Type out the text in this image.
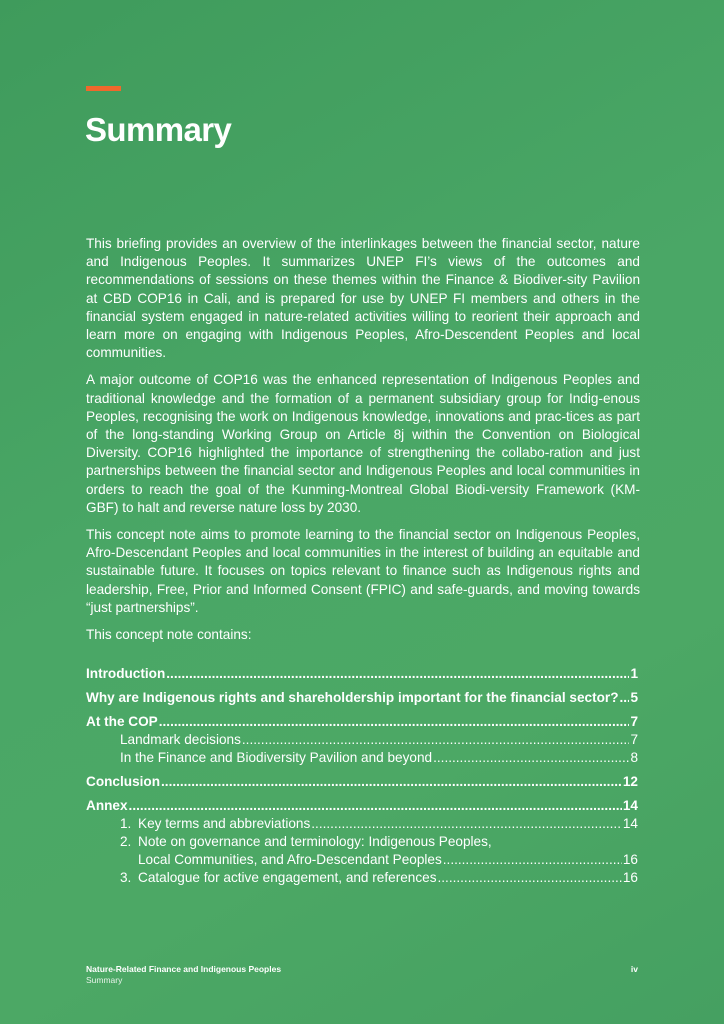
Summary

This briefing provides an overview of the interlinkages between the financial sector, nature and Indigenous Peoples. It summarizes UNEP FI’s views of the outcomes and recommendations of sessions on these themes within the Finance & Biodiver-sity Pavilion at CBD COP16 in Cali, and is prepared for use by UNEP FI members and others in the financial system engaged in nature-related activities willing to reorient their approach and learn more on engaging with Indigenous Peoples, Afro-Descendent Peoples and local communities.

A major outcome of COP16 was the enhanced representation of Indigenous Peoples and traditional knowledge and the formation of a permanent subsidiary group for Indig-enous Peoples, recognising the work on Indigenous knowledge, innovations and prac-tices as part of the long-standing Working Group on Article 8j within the Convention on Biological Diversity. COP16 highlighted the importance of strengthening the collabo-ration and just partnerships between the financial sector and Indigenous Peoples and local communities in orders to reach the goal of the Kunming-Montreal Global Biodi-versity Framework (KM-GBF) to halt and reverse nature loss by 2030.

This concept note aims to promote learning to the financial sector on Indigenous Peoples, Afro-Descendant Peoples and local communities in the interest of building an equitable and sustainable future. It focuses on topics relevant to finance such as Indigenous rights and leadership, Free, Prior and Informed Consent (FPIC) and safe-guards, and moving towards “just partnerships”.

This concept note contains:

Introduction .....	1
Why are Indigenous rights and shareholdership important for the financial sector? ..... 5
At the COP .....	7
Landmark decisions .....	7
In the Finance and Biodiversity Pavilion and beyond .....	8
Conclusion .....	12
Annex .....	14
1. Key terms and abbreviations .....	14
2. Note on governance and terminology: Indigenous Peoples,
Local Communities, and Afro-Descendant Peoples .....	16
3. Catalogue for active engagement, and references .....	16
Nature-Related Finance and Indigenous Peoples
Summary
iv
